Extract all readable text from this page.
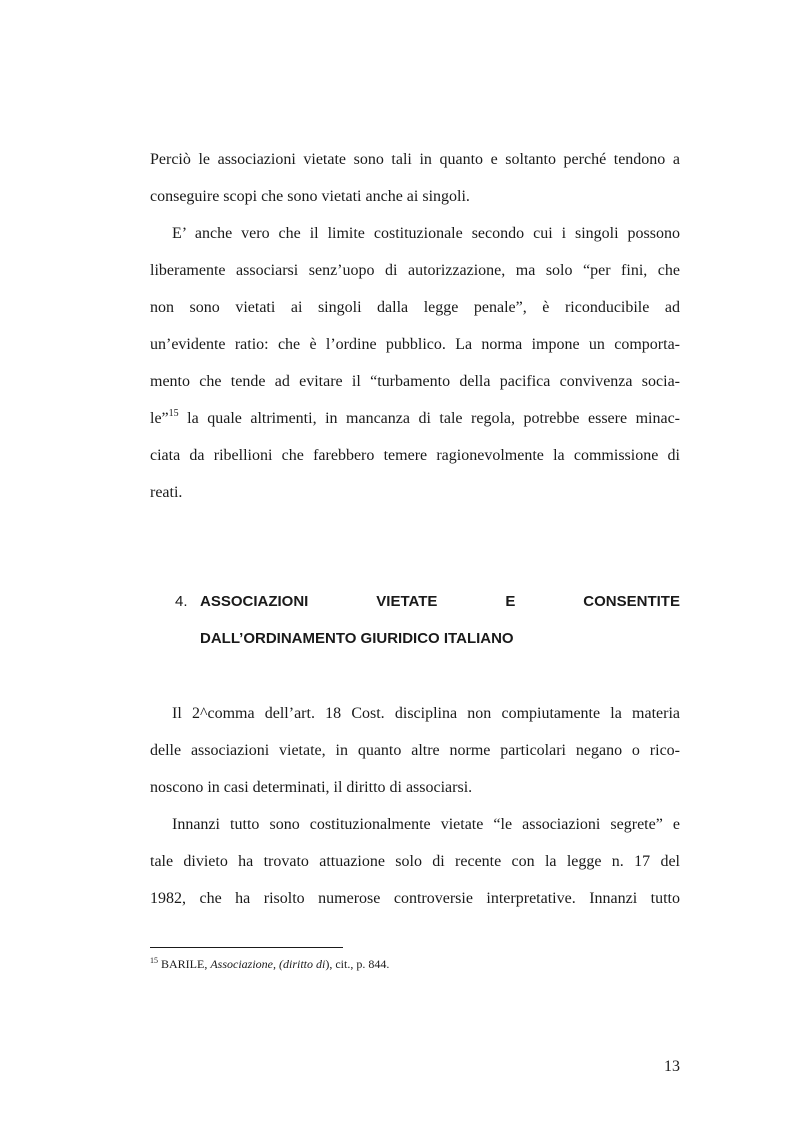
Perciò le associazioni vietate sono tali in quanto e soltanto perché tendono a
conseguire scopi che sono vietati anche ai singoli.
E’ anche vero che il limite costituzionale secondo cui i singoli possono
liberamente associarsi senz’uopo di autorizzazione, ma solo “per fini, che
non sono vietati ai singoli dalla legge penale”, è riconducibile ad
un’evidente ratio: che è l’ordine pubblico. La norma impone un comporta-
mento che tende ad evitare il “turbamento della pacifica convivenza socia-
le”$^{15}$ la quale altrimenti, in mancanza di tale regola, potrebbe essere minac-
ciata da ribellioni che farebbero temere ragionevolmente la commissione di
reati.
4. ASSOCIAZIONI	VIETATE	E	CONSENTITE
DALL’ORDINAMENTO GIURIDICO ITALIANO
Il 2^comma dell’art. 18 Cost. disciplina non compiutamente la materia
delle associazioni vietate, in quanto altre norme particolari negano o rico-
noscono in casi determinati, il diritto di associarsi.
Innanzi tutto sono costituzionalmente vietate “le associazioni segrete” e
tale divieto ha trovato attuazione solo di recente con la legge n. 17 del
1982, che ha risolto numerose controversie interpretative. Innanzi tutto
$^{15}$ BARILE, Associazione, (diritto di), cit., p. 844.
13
